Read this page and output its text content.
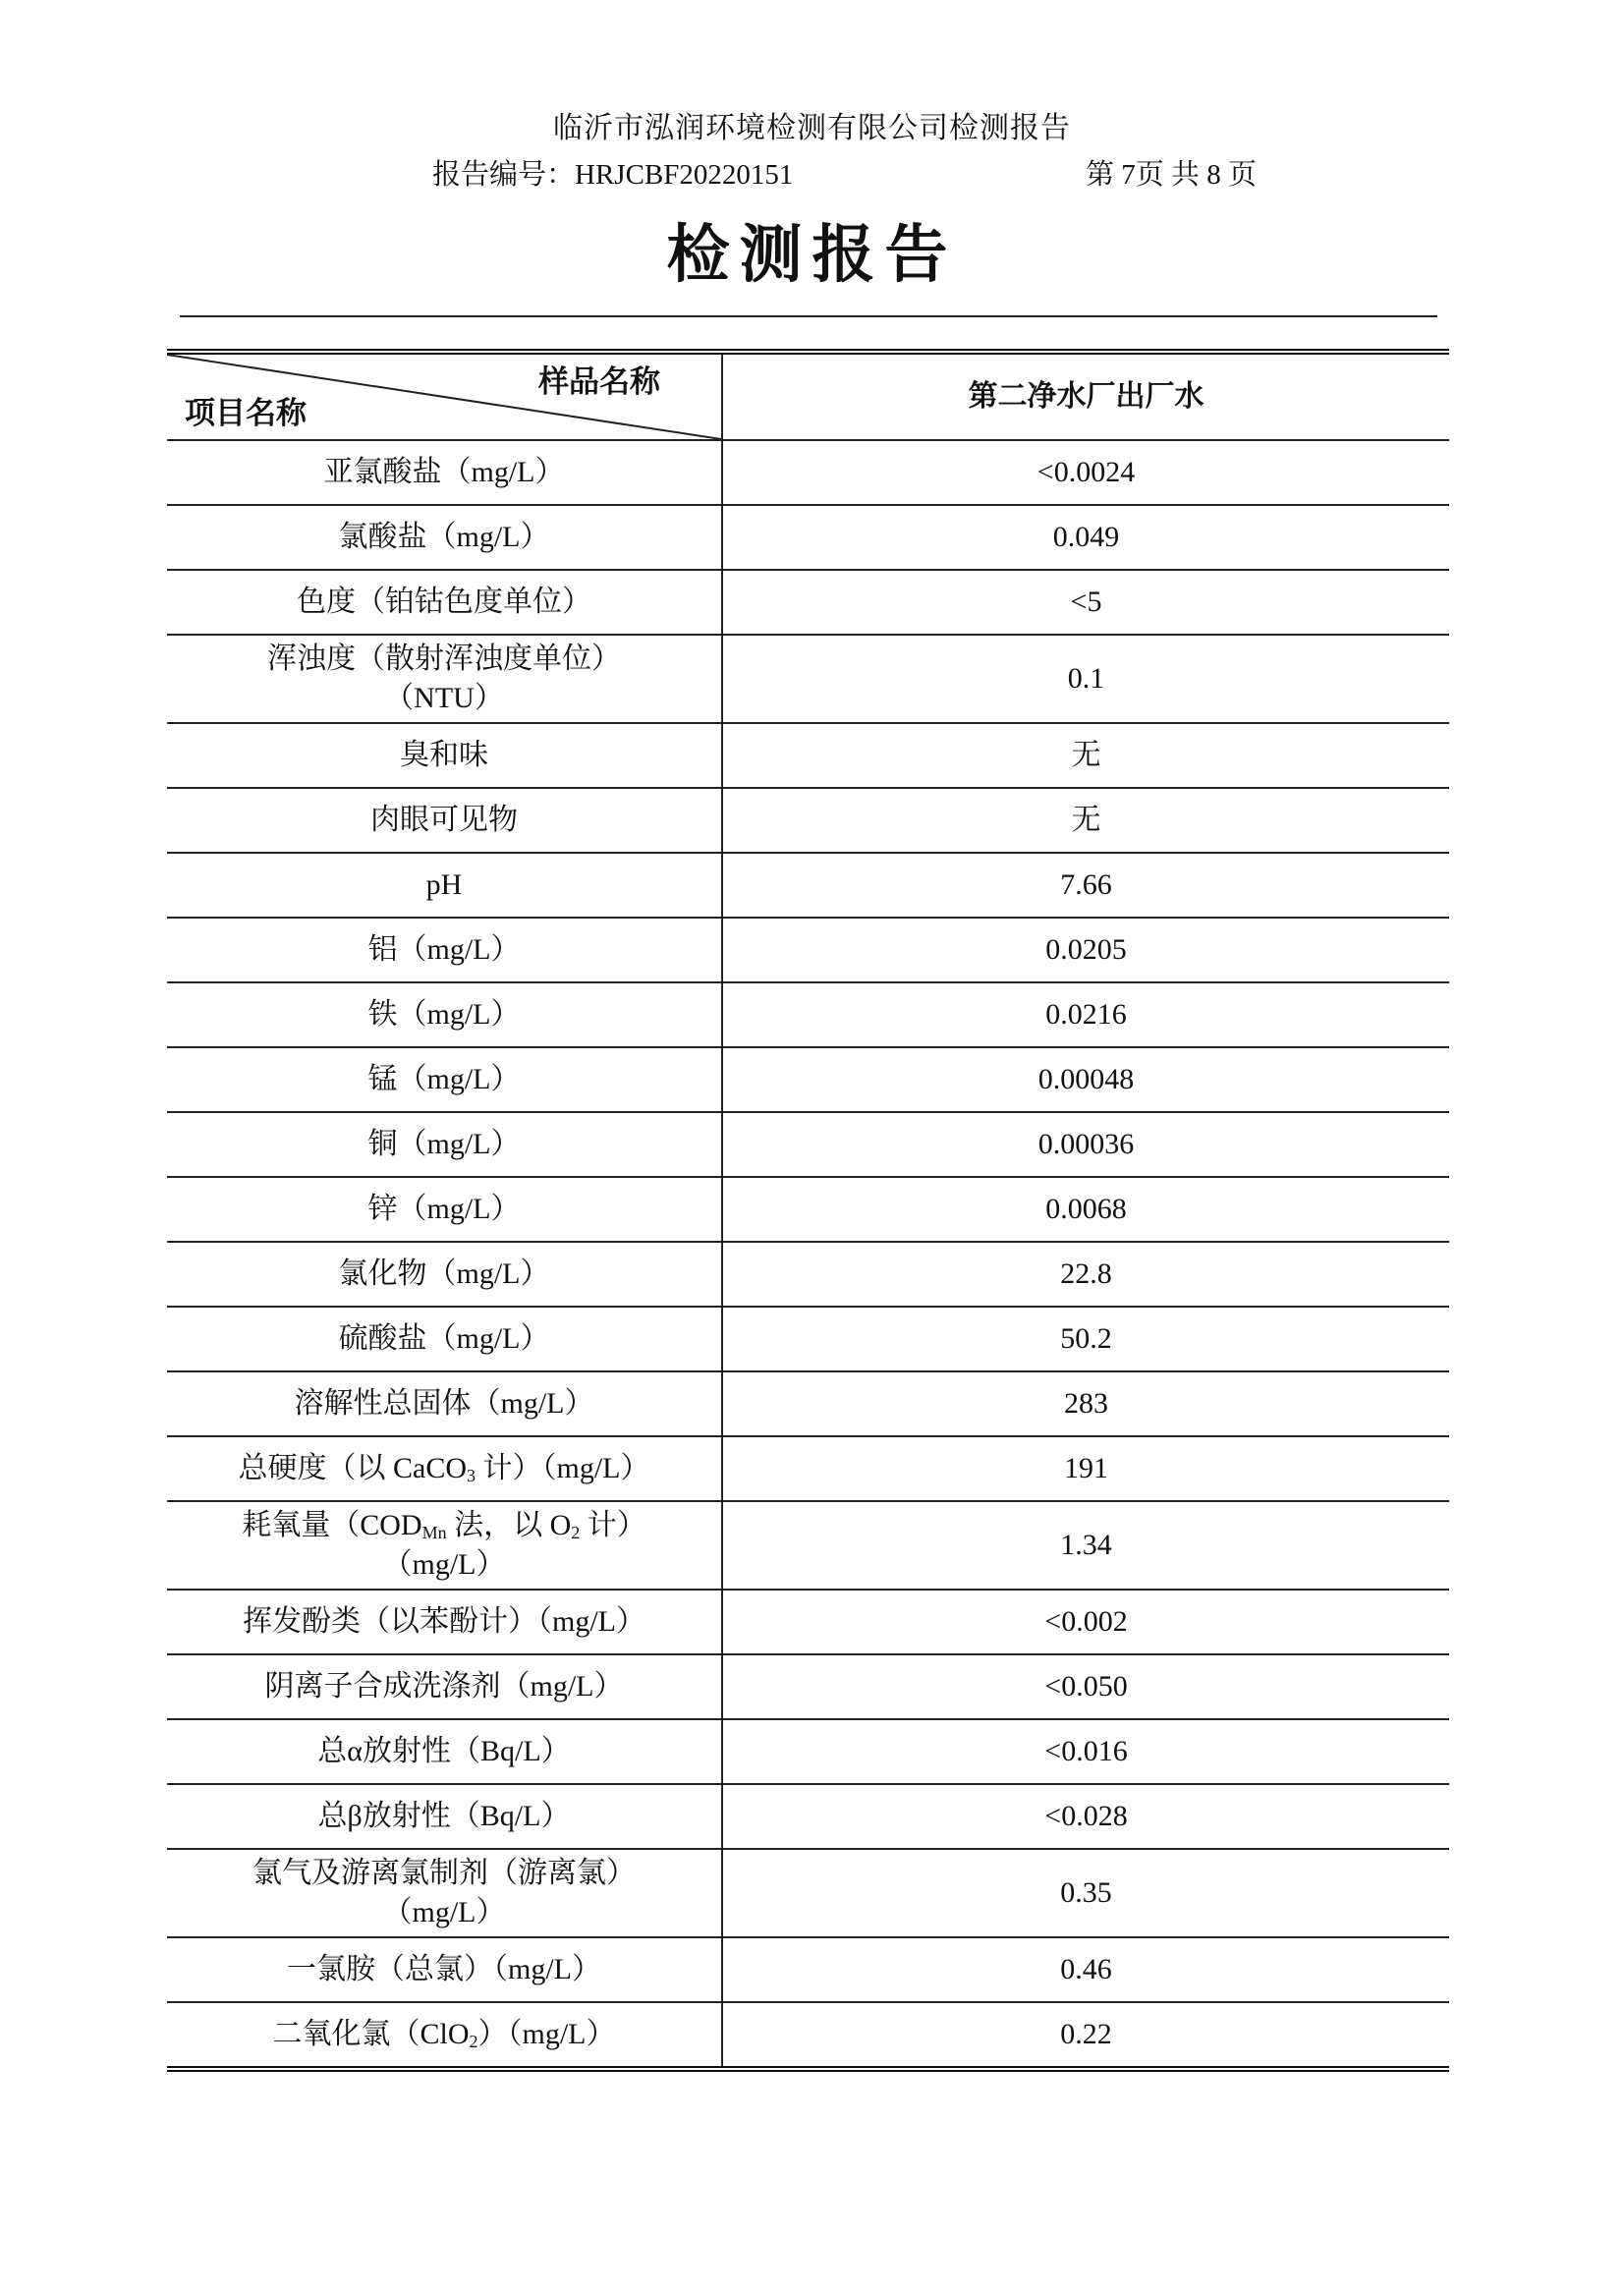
临沂市泓润环境检测有限公司检测报告
报告编号：HRJCBF20220151	第 7页 共 8 页
检测报告
样品名称
项目名称	第二净水厂出厂水
亚氯酸盐（mg/L）	<0.0024
氯酸盐（mg/L）	0.049
色度（铂钴色度单位）	<5

浑浊度（散射浑浊度单位）
（NTU）	0.1
臭和味	无
肉眼可见物	无
pH	7.66
铝（mg/L）	0.0205
铁（mg/L）	0.0216
锰（mg/L）	0.00048
铜（mg/L）	0.00036
锌（mg/L）	0.0068
氯化物（mg/L）	22.8
硫酸盐（mg/L）	50.2
溶解性总固体（mg/L）	283
总硬度（以 CaCO$_3$ 计）（mg/L）	191

耗氧量（$COD_{Mn}$ 法，以 $O_2$ 计）
（mg/L）	1.34
挥发酚类（以苯酚计）（mg/L）	<0.002
阴离子合成洗涤剂（mg/L）	<0.050
总α放射性（Bq/L）	<0.016
总β放射性（Bq/L）	<0.028

氯气及游离氯制剂（游离氯）
（mg/L）	0.35
一氯胺（总氯）（mg/L）	0.46
二氧化氯（ClO$_2$）（mg/L）	0.22
